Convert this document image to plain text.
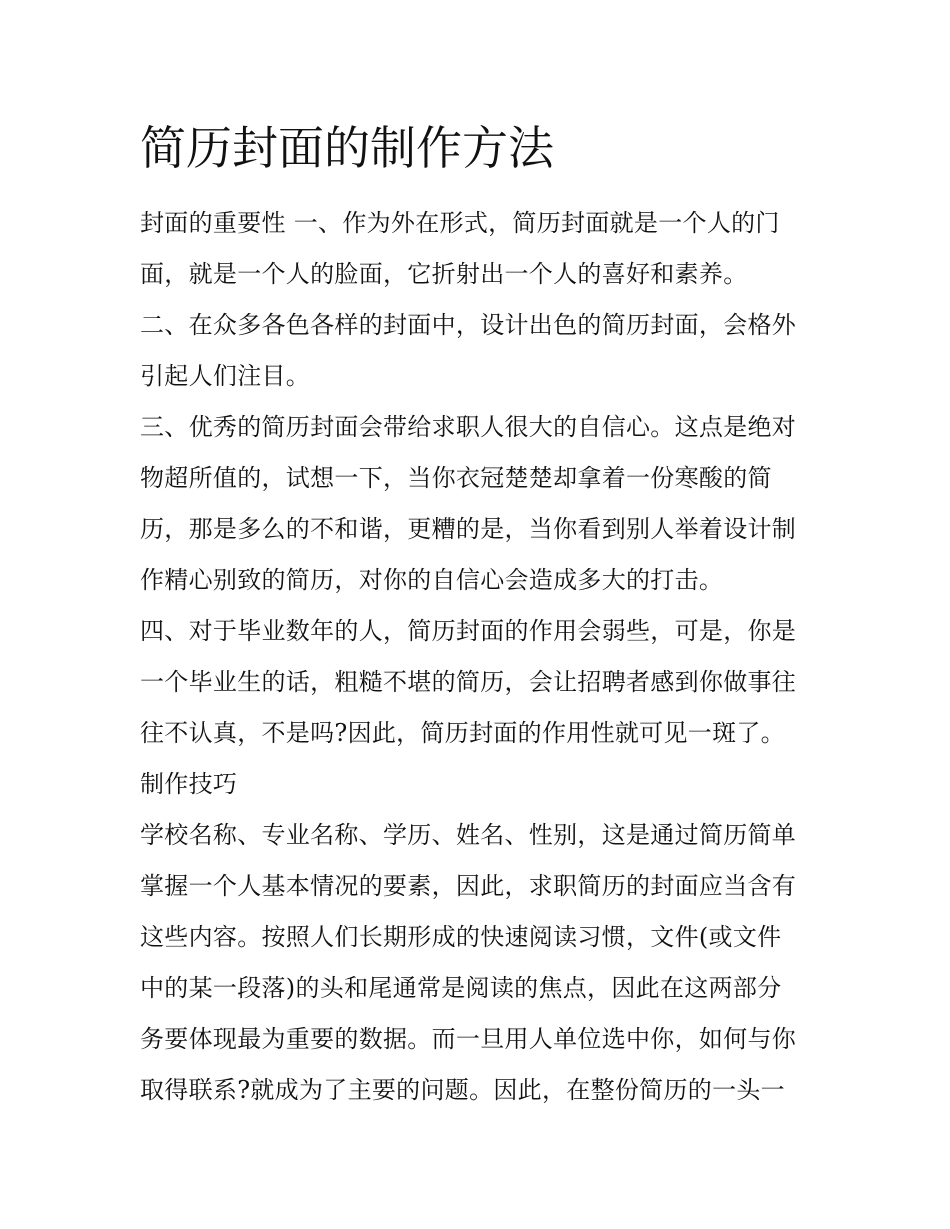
简历封面的制作方法
封面的重要性 一、作为外在形式，简历封面就是一个人的门
面，就是一个人的脸面，它折射出一个人的喜好和素养。
二、在众多各色各样的封面中，设计出色的简历封面，会格外
引起人们注目。
三、优秀的简历封面会带给求职人很大的自信心。这点是绝对
物超所值的，试想一下，当你衣冠楚楚却拿着一份寒酸的简
历，那是多么的不和谐，更糟的是，当你看到别人举着设计制
作精心别致的简历，对你的自信心会造成多大的打击。
四、对于毕业数年的人，简历封面的作用会弱些，可是，你是
一个毕业生的话，粗糙不堪的简历，会让招聘者感到你做事往
往不认真，不是吗?因此，简历封面的作用性就可见一斑了。
制作技巧
学校名称、专业名称、学历、姓名、性别，这是通过简历简单
掌握一个人基本情况的要素，因此，求职简历的封面应当含有
这些内容。按照人们长期形成的快速阅读习惯，文件(或文件
中的某一段落)的头和尾通常是阅读的焦点，因此在这两部分
务要体现最为重要的数据。而一旦用人单位选中你，如何与你
取得联系?就成为了主要的问题。因此，在整份简历的一头一
